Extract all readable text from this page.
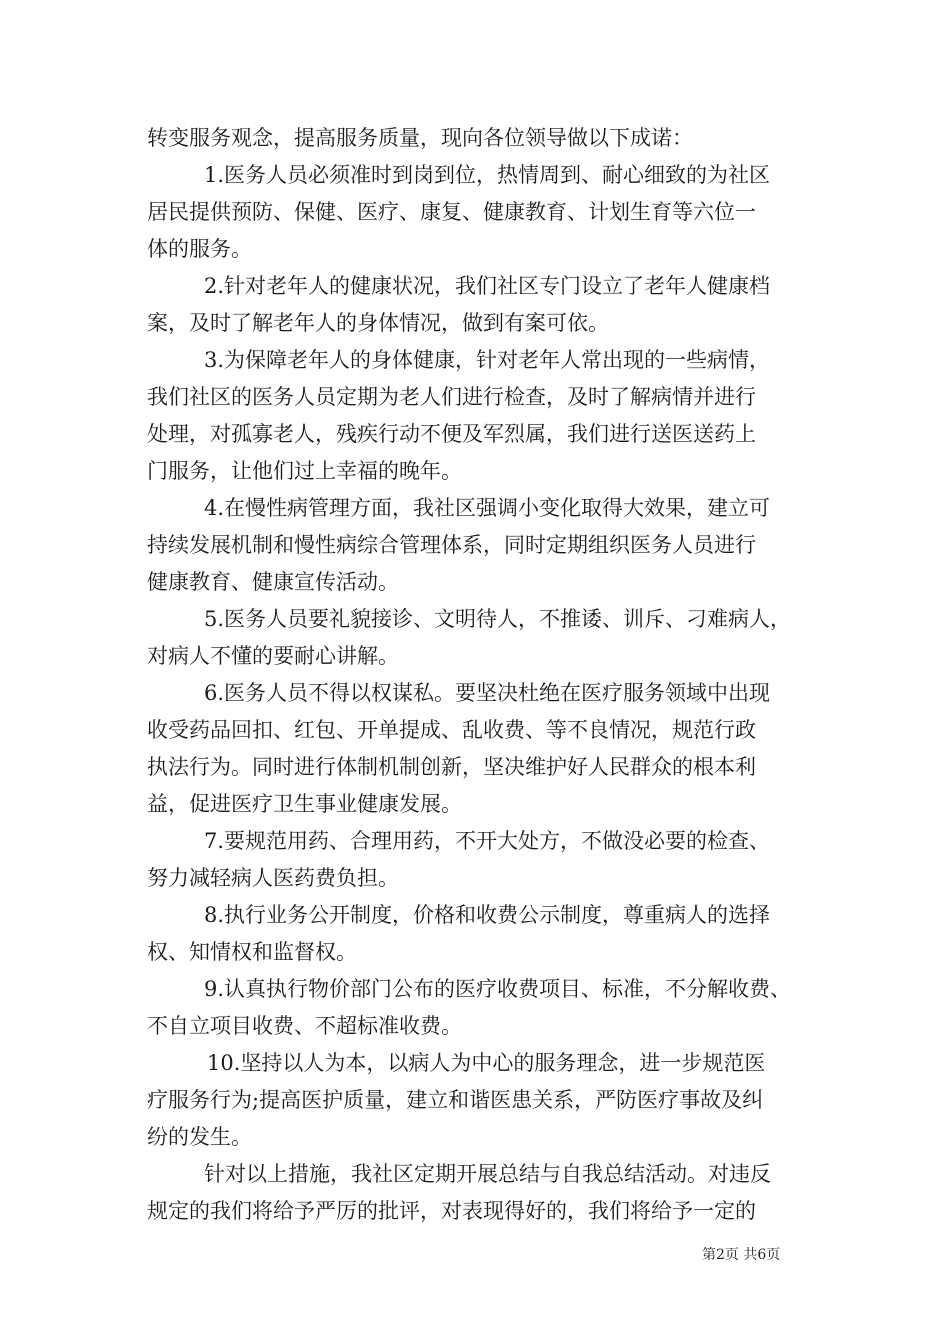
转变服务观念，提高服务质量，现向各位领导做以下成诺：
1.医务人员必须准时到岗到位，热情周到、耐心细致的为社区
居民提供预防、保健、医疗、康复、健康教育、计划生育等六位一
体的服务。
2.针对老年人的健康状况，我们社区专门设立了老年人健康档
案，及时了解老年人的身体情况，做到有案可依。
3.为保障老年人的身体健康，针对老年人常出现的一些病情，
我们社区的医务人员定期为老人们进行检查，及时了解病情并进行
处理，对孤寡老人，残疾行动不便及军烈属，我们进行送医送药上
门服务，让他们过上幸福的晚年。
4.在慢性病管理方面，我社区强调小变化取得大效果，建立可
持续发展机制和慢性病综合管理体系，同时定期组织医务人员进行
健康教育、健康宣传活动。
5.医务人员要礼貌接诊、文明待人，不推诿、训斥、刁难病人，
对病人不懂的要耐心讲解。
6.医务人员不得以权谋私。要坚决杜绝在医疗服务领域中出现
收受药品回扣、红包、开单提成、乱收费、等不良情况，规范行政
执法行为。同时进行体制机制创新，坚决维护好人民群众的根本利
益，促进医疗卫生事业健康发展。
7.要规范用药、合理用药，不开大处方，不做没必要的检查、
努力减轻病人医药费负担。
8.执行业务公开制度，价格和收费公示制度，尊重病人的选择
权、知情权和监督权。
9.认真执行物价部门公布的医疗收费项目、标准，不分解收费、
不自立项目收费、不超标准收费。
10.坚持以人为本，以病人为中心的服务理念，进一步规范医
疗服务行为;提高医护质量，建立和谐医患关系，严防医疗事故及纠
纷的发生。
针对以上措施，我社区定期开展总结与自我总结活动。对违反
规定的我们将给予严厉的批评，对表现得好的，我们将给予一定的
第2页 共6页
